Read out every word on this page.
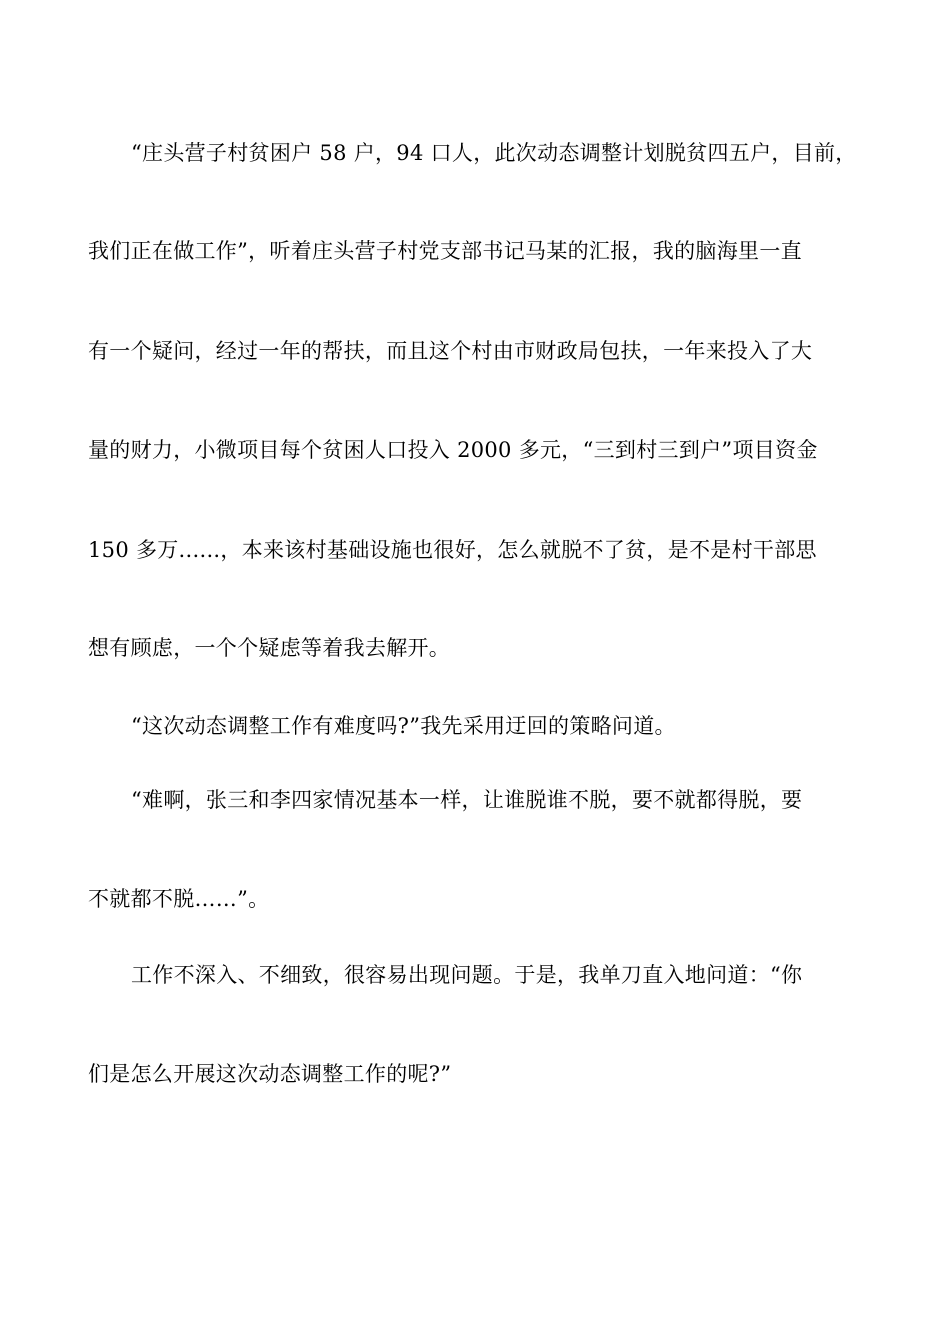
“庄头营子村贫困户 58 户，94 口人，此次动态调整计划脱贫四五户，目前，
我们正在做工作”，听着庄头营子村党支部书记马某的汇报，我的脑海里一直
有一个疑问，经过一年的帮扶，而且这个村由市财政局包扶，一年来投入了大
量的财力，小微项目每个贫困人口投入 2000 多元，“三到村三到户”项目资金
150 多万......，本来该村基础设施也很好，怎么就脱不了贫，是不是村干部思
想有顾虑，一个个疑虑等着我去解开。
“这次动态调整工作有难度吗?”我先采用迂回的策略问道。
“难啊，张三和李四家情况基本一样，让谁脱谁不脱，要不就都得脱，要
不就都不脱……”。
工作不深入、不细致，很容易出现问题。于是，我单刀直入地问道：“你
们是怎么开展这次动态调整工作的呢?”
